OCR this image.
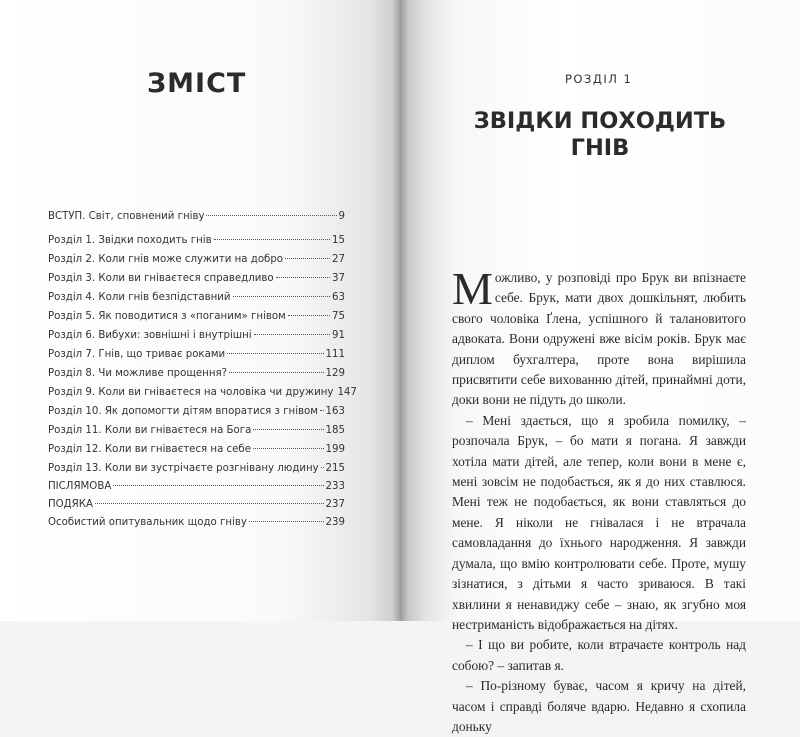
ЗМІСТ
ВСТУП. Світ, сповнений гніву	9
Розділ 1. Звідки походить гнів	15
Розділ 2. Коли гнів може служити на добро	27
Розділ 3. Коли ви гніваєтеся справедливо	37
Розділ 4. Коли гнів безпідставний	63
Розділ 5. Як поводитися з «поганим» гнівом	75
Розділ 6. Вибухи: зовнішні і внутрішні	91
Розділ 7. Гнів, що триває роками	111
Розділ 8. Чи можливе прощення?	129
Розділ 9. Коли ви гніваєтеся на чоловіка чи дружину 147
Розділ 10. Як допомогти дітям впоратися з гнівом 163
Розділ 11. Коли ви гніваєтеся на Бога	185
Розділ 12. Коли ви гніваєтеся на себе	199
Розділ 13. Коли ви зустрічаєте розгнівану людину 215
ПІСЛЯМОВА	233
ПОДЯКА	237
Особистий опитувальник щодо гніву	239
РОЗДІЛ 1
ЗВІДКИ ПОХОДИТЬ
ГНІВ

Можливо, у розповіді про Брук ви впізнаєте себе. Брук, мати двох дошкільнят, любить свого чоловіка Ґлена, успішного й талановитого адвоката. Вони одружені вже вісім років. Брук має диплом бухгалтера, проте вона вирішила присвятити себе вихованню дітей, принаймні доти, доки вони не підуть до школи.

– Мені здається, що я зробила помилку, – розпочала Брук, – бо мати я погана. Я завжди хотіла мати дітей, але тепер, коли вони в мене є, мені зовсім не подобається, як я до них ставлюся. Мені теж не подобається, як вони ставляться до мене. Я ніколи не гнівалася і не втрачала самовладання до їхнього народження. Я завжди думала, що вмію контролювати себе. Проте, мушу зізнатися, з дітьми я часто зриваюся. В такі хвилини я ненавиджу себе – знаю, як згубно моя нестриманість відображається на дітях.

– І що ви робите, коли втрачаєте контроль над собою? – запитав я.

– По-різному буває, часом я кричу на дітей, часом і справді боляче вдарю. Недавно я схопила доньку
